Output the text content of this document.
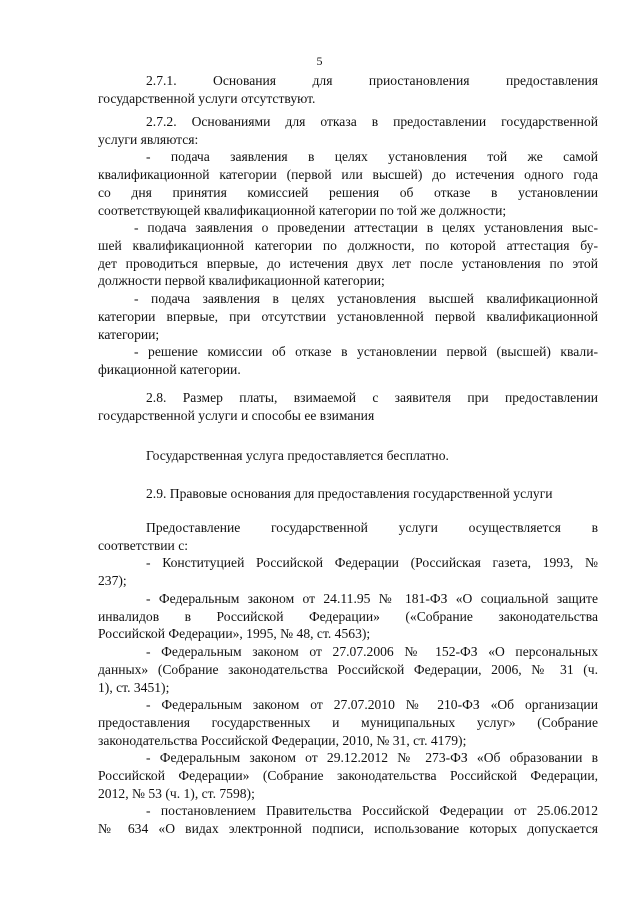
5
2.7.1. Основания для приостановления предоставления
государственной услуги отсутствуют.
2.7.2. Основаниями для отказа в предоставлении государственной
услуги являются:
- подача заявления в целях установления той же самой
квалификационной категории (первой или высшей) до истечения одного года
со дня принятия комиссией решения об отказе в установлении
соответствующей квалификационной категории по той же должности;
- подача заявления о проведении аттестации в целях установления выс-
шей квалификационной категории по должности, по которой аттестация бу-
дет проводиться впервые, до истечения двух лет после установления по этой
должности первой квалификационной категории;
- подача заявления в целях установления высшей квалификационной
категории впервые, при отсутствии установленной первой квалификационной
категории;
- решение комиссии об отказе в установлении первой (высшей) квали-
фикационной категории.
2.8. Размер платы, взимаемой с заявителя при предоставлении
государственной услуги и способы ее взимания
Государственная услуга предоставляется бесплатно.
2.9. Правовые основания для предоставления государственной услуги
Предоставление государственной услуги осуществляется в
соответствии с:
- Конституцией Российской Федерации (Российская газета, 1993, №
237);
- Федеральным законом от 24.11.95 № 181-ФЗ «О социальной защите
инвалидов в Российской Федерации» («Собрание законодательства
Российской Федерации», 1995, № 48, ст. 4563);
- Федеральным законом от 27.07.2006 № 152-ФЗ «О персональных
данных» (Собрание законодательства Российской Федерации, 2006, № 31 (ч.
1), ст. 3451);
- Федеральным законом от 27.07.2010 № 210-ФЗ «Об организации
предоставления государственных и муниципальных услуг» (Собрание
законодательства Российской Федерации, 2010, № 31, ст. 4179);
- Федеральным законом от 29.12.2012 № 273-ФЗ «Об образовании в
Российской Федерации» (Собрание законодательства Российской Федерации,
2012, № 53 (ч. 1), ст. 7598);
- постановлением Правительства Российской Федерации от 25.06.2012
№ 634 «О видах электронной подписи, использование которых допускается
